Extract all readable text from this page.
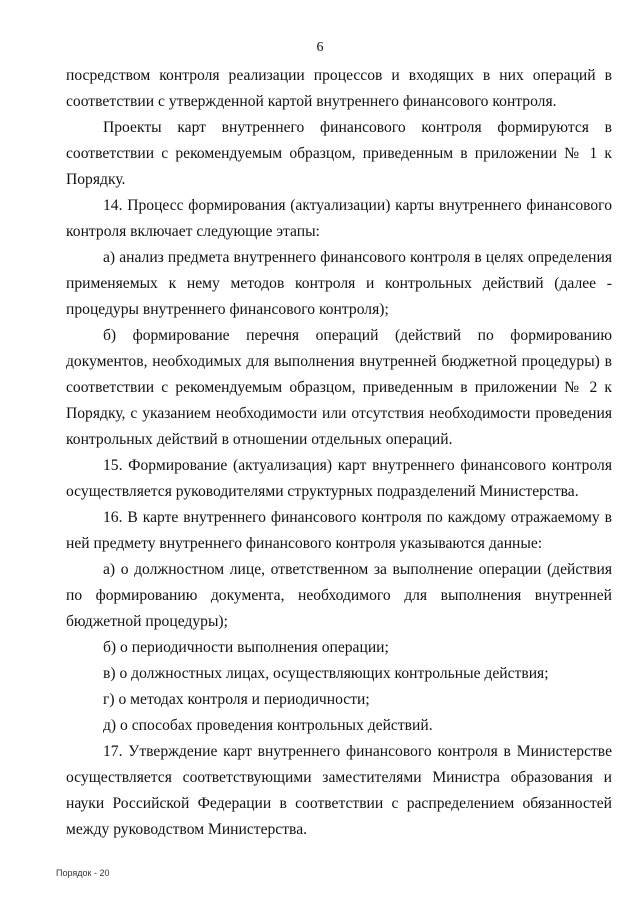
6

посредством контроля реализации процессов и входящих в них операций в соответствии с утвержденной картой внутреннего финансового контроля.

Проекты карт внутреннего финансового контроля формируются в соответствии с рекомендуемым образцом, приведенным в приложении № 1 к Порядку.

14. Процесс формирования (актуализации) карты внутреннего финансового контроля включает следующие этапы:

а) анализ предмета внутреннего финансового контроля в целях определения применяемых к нему методов контроля и контрольных действий (далее - процедуры внутреннего финансового контроля);

б) формирование перечня операций (действий по формированию документов, необходимых для выполнения внутренней бюджетной процедуры) в соответствии с рекомендуемым образцом, приведенным в приложении № 2 к Порядку, с указанием необходимости или отсутствия необходимости проведения контрольных действий в отношении отдельных операций.

15. Формирование (актуализация) карт внутреннего финансового контроля осуществляется руководителями структурных подразделений Министерства.

16. В карте внутреннего финансового контроля по каждому отражаемому в ней предмету внутреннего финансового контроля указываются данные:

а) о должностном лице, ответственном за выполнение операции (действия по формированию документа, необходимого для выполнения внутренней бюджетной процедуры);

б) о периодичности выполнения операции;

в) о должностных лицах, осуществляющих контрольные действия;

г) о методах контроля и периодичности;

д) о способах проведения контрольных действий.

17. Утверждение карт внутреннего финансового контроля в Министерстве осуществляется соответствующими заместителями Министра образования и науки Российской Федерации в соответствии с распределением обязанностей между руководством Министерства.

Порядок - 20
